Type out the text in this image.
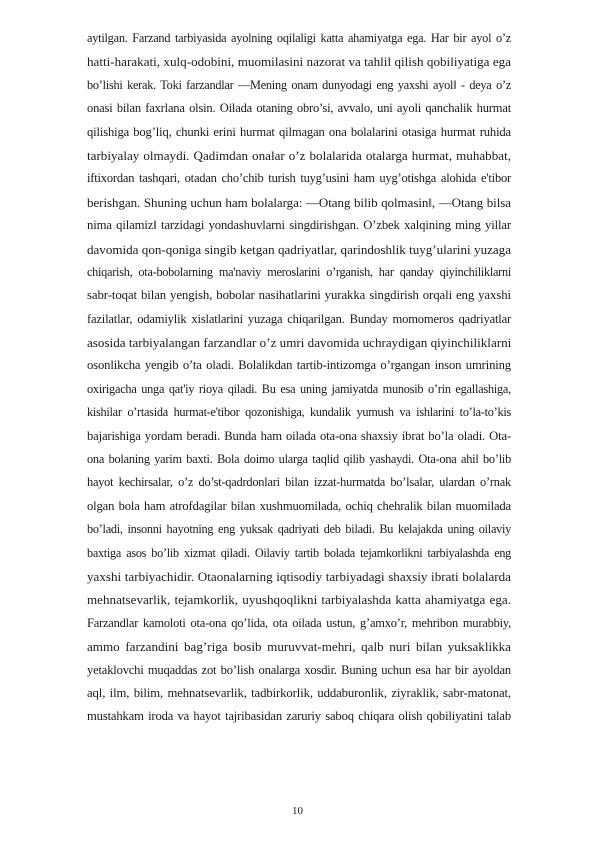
aytilgan. Farzand tarbiyasida ayolning oqilaligi katta ahamiyatga ega. Har bir ayol o’z
hatti-harakati, xulq-odobini, muomilasini nazorat va tahlil qilish qobiliyatiga ega
bo’lishi kerak. Toki farzandlar ―Mening onam dunyodagi eng yaxshi ayol‖ - deya o’z
onasi bilan faxrlana olsin. Oilada otaning obro’si, avvalo, uni ayoli qanchalik hurmat
qilishiga bog’liq, chunki erini hurmat qilmagan ona bolalarini otasiga hurmat ruhida
tarbiyalay olmaydi. Qadimdan onalar o’z bolalarida otalarga hurmat, muhabbat,
iftixordan tashqari, otadan cho’chib turish tuyg’usini ham uyg’otishga alohida e'tibor
berishgan. Shuning uchun ham bolalarga: ―Otang bilib qolmasin‖, ―Otang bilsa
nima qilamiz‖ tarzidagi yondashuvlarni singdirishgan. O’zbek xalqining ming yillar
davomida qon-qoniga singib ketgan qadriyatlar, qarindoshlik tuyg’ularini yuzaga
chiqarish, ota-bobolarning ma'naviy meroslarini o’rganish, har qanday qiyinchiliklarni
sabr-toqat bilan yengish, bobolar nasihatlarini yurakka singdirish orqali eng yaxshi
fazilatlar, odamiylik xislatlarini yuzaga chiqarilgan. Bunday momomeros qadriyatlar
asosida tarbiyalangan farzandlar o’z umri davomida uchraydigan qiyinchiliklarni
osonlikcha yengib o’ta oladi. Bolalikdan tartib-intizomga o’rgangan inson umrining
oxirigacha unga qat'iy rioya qiladi. Bu esa uning jamiyatda munosib o’rin egallashiga,
kishilar o’rtasida hurmat-e'tibor qozonishiga, kundalik yumush va ishlarini to’la-to’kis
bajarishiga yordam beradi. Bunda ham oilada ota-ona shaxsiy ibrat bo’la oladi. Ota-
ona bolaning yarim baxti. Bola doimo ularga taqlid qilib yashaydi. Ota-ona ahil bo’lib
hayot kechirsalar, o’z do’st-qadrdonlari bilan izzat-hurmatda bo’lsalar, ulardan o’rnak
olgan bola ham atrofdagilar bilan xushmuomilada, ochiq chehralik bilan muomilada
bo’ladi, insonni hayotning eng yuksak qadriyati deb biladi. Bu kelajakda uning oilaviy
baxtiga asos bo’lib xizmat qiladi. Oilaviy tartib bolada tejamkorlikni tarbiyalashda eng
yaxshi tarbiyachidir. Otaonalarning iqtisodiy tarbiyadagi shaxsiy ibrati bolalarda
mehnatsevarlik, tejamkorlik, uyushqoqlikni tarbiyalashda katta ahamiyatga ega.
Farzandlar kamoloti ota-ona qo’lida, ota oilada ustun, g’amxo’r, mehribon murabbiy,
ammo farzandini bag’riga bosib muruvvat-mehri, qalb nuri bilan yuksaklikka
yetaklovchi muqaddas zot bo’lish onalarga xosdir. Buning uchun esa har bir ayoldan
aql, ilm, bilim, mehnatsevarlik, tadbirkorlik, uddaburonlik, ziyraklik, sabr-matonat,
mustahkam iroda va hayot tajribasidan zaruriy saboq chiqara olish qobiliyatini talab
10
